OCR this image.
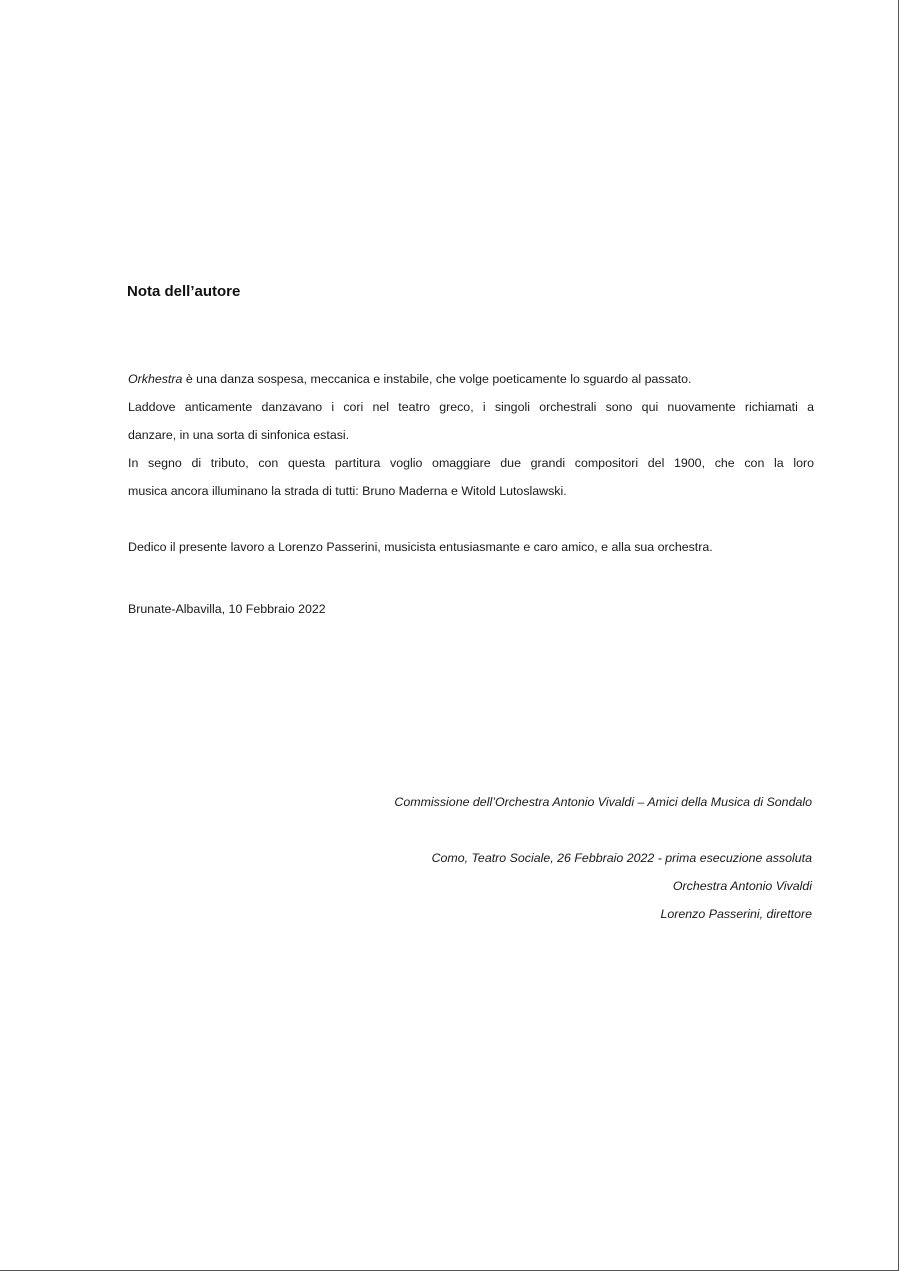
Nota dell’autore

Orkhestra è una danza sospesa, meccanica e instabile, che volge poeticamente lo sguardo al passato.

Laddove anticamente danzavano i cori nel teatro greco, i singoli orchestrali sono qui nuovamente richiamati a

danzare, in una sorta di sinfonica estasi.

In segno di tributo, con questa partitura voglio omaggiare due grandi compositori del 1900, che con la loro

musica ancora illuminano la strada di tutti: Bruno Maderna e Witold Lutoslawski.

Dedico il presente lavoro a Lorenzo Passerini, musicista entusiasmante e caro amico, e alla sua orchestra.

Brunate-Albavilla, 10 Febbraio 2022

Commissione dell’Orchestra Antonio Vivaldi – Amici della Musica di Sondalo

Como, Teatro Sociale, 26 Febbraio 2022 - prima esecuzione assoluta

Orchestra Antonio Vivaldi

Lorenzo Passerini, direttore
